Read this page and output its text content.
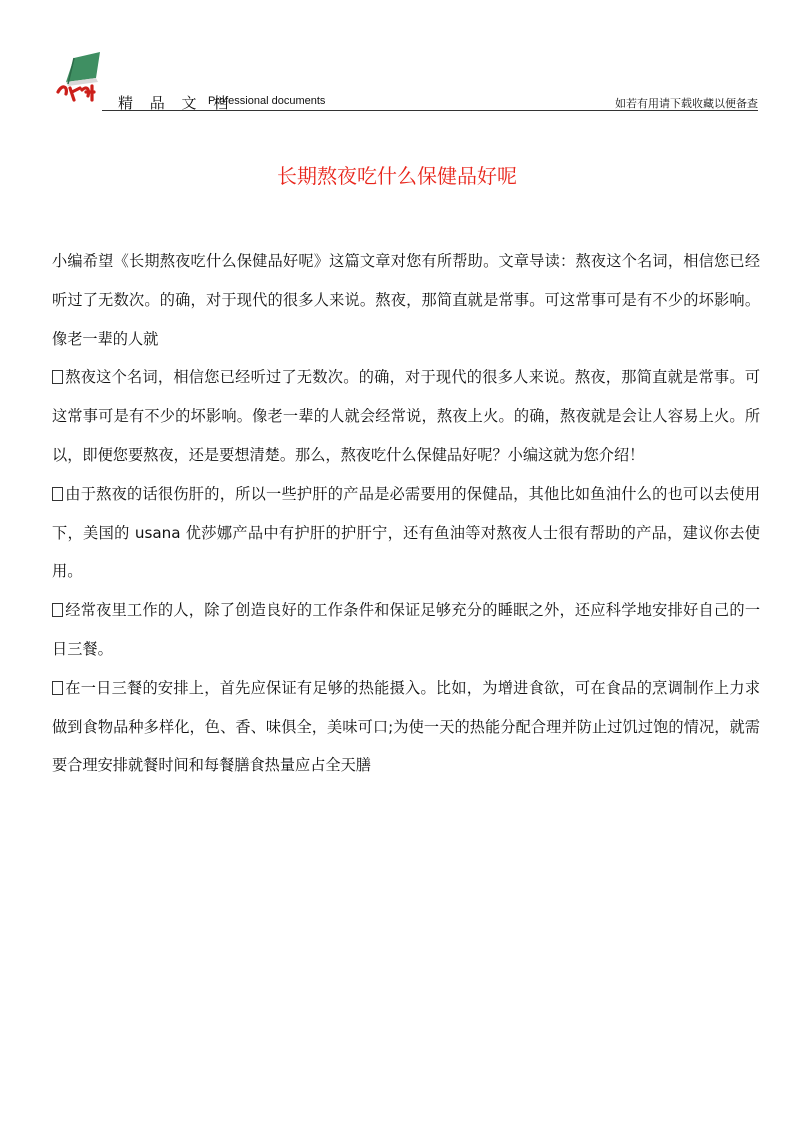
精 品 文 档
Professional documents	如若有用请下载收藏以便备查
长期熬夜吃什么保健品好呢

小编希望《长期熬夜吃什么保健品好呢》这篇文章对您有所帮助。文章导读：熬夜这个名词，相信您已经听过了无数次。的确，对于现代的很多人来说。熬夜，那简直就是常事。可这常事可是有不少的坏影响。像老一辈的人就

熬夜这个名词，相信您已经听过了无数次。的确，对于现代的很多人来说。熬夜，那简直就是常事。可这常事可是有不少的坏影响。像老一辈的人就会经常说，熬夜上火。的确，熬夜就是会让人容易上火。所以，即便您要熬夜，还是要想清楚。那么，熬夜吃什么保健品好呢？小编这就为您介绍！

由于熬夜的话很伤肝的，所以一些护肝的产品是必需要用的保健品，其他比如鱼油什么的也可以去使用下，美国的 usana 优莎娜产品中有护肝的护肝宁，还有鱼油等对熬夜人士很有帮助的产品，建议你去使用。

经常夜里工作的人，除了创造良好的工作条件和保证足够充分的睡眠之外，还应科学地安排好自己的一日三餐。

在一日三餐的安排上，首先应保证有足够的热能摄入。比如，为增进食欲，可在食品的烹调制作上力求做到食物品种多样化，色、香、味俱全，美味可口;为使一天的热能分配合理并防止过饥过饱的情况，就需要合理安排就餐时间和每餐膳食热量应占全天膳
